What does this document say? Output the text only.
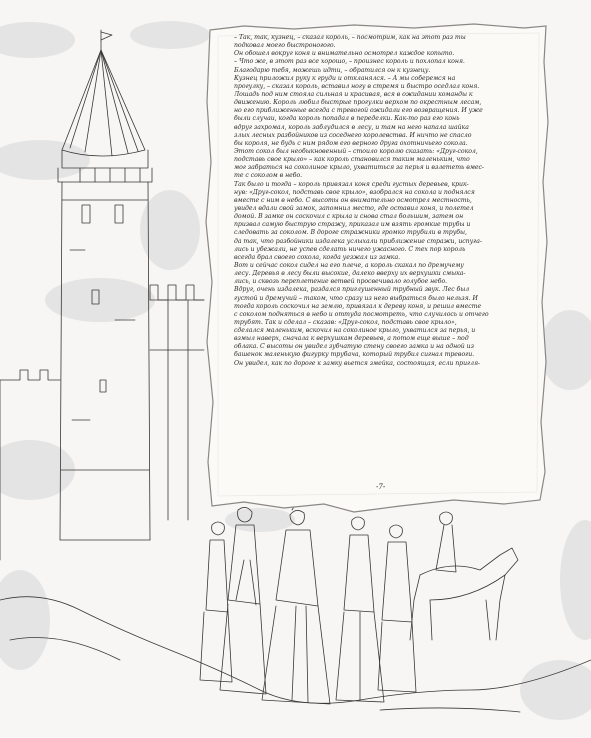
– Так, так, кузнец, – сказал король, – посмотрим, как на этот раз ты
подковал моего быстроногого.
Он обошел вокруг коня и внимательно осмотрел каждое копыто.
– Что же, в этот раз все хорошо, – произнес король и похлопал коня.
Благодарю тебя, можешь идти, – обратился он к кузнецу.
Кузнец приложил руку к груди и откланялся. – А мы соберемся на
прогулку, – сказал король, вставил ногу в стремя и быстро оседлал коня.
Лошадь под ним стояла сильная и красивая, вся в ожидании команды к
движению. Король любил быстрые прогулки верхом по окрестным лесам,
но его приближенные всегда с тревогой ожидали его возвращения. И уже
были случаи, когда король попадал в переделки. Как-то раз его конь
вдруг захромал, король заблудился в лесу, и там на него напала шайка
злых лесных разбойников из соседнего королевства. И ничто не спасло
бы короля, не будь с ним рядом его верного друга охотничьего сокола.
Этот сокол был необыкновенный – стоило королю сказать: «Друг-сокол,
подставь свое крыло» – как король становился таким маленьким, что
мог забраться на соколиное крыло, ухватиться за перья и взлететь вмес-
те с соколом в небо.
Так было и тогда – король привязал коня среди густых деревьев, крик-
нув: «Друг-сокол, подставь свое крыло», взобрался на сокола и поднялся
вместе с ним в небо. С высоты он внимательно осмотрел местность,
увидел вдали свой замок, запомнил место, где оставил коня, и полетел
домой. В замке он соскочил с крыла и снова стал большим, затем он
призвал самую быструю стражу, приказал им взять громкие трубы и
следовать за соколом. В дороге стражники громко трубили в трубы,
да так, что разбойники издалека услыхали приближение стражи, испуга-
лись и убежали, не успев сделать ничего ужасного. С тех пор король
всегда брал своего сокола, когда уезжал из замка.
Вот и сейчас сокол сидел на его плече, а король скакал по дремучему
лесу. Деревья в лесу были высокие, далеко вверху их верхушки смыка-
лись, и сквозь переплетение ветвей просвечивало голубое небо.
Вдруг, очень издалека, раздался приглушенный трубный звук. Лес был
густой и дремучий – таком, что сразу из него выбраться было нельзя. И
тогда король соскочил на землю, привязал к дереву коня, и решил вместе
с соколом подняться в небо и оттуда посмотреть, что случилось и отчего
трубят. Так и сделал – сказав: «Друг-сокол, подставь свое крыло»,
сделался маленьким, вскочил на соколиное крыло, ухватился за перья, и
взмыл наверх, сначала к верхушкам деревьев, а потом еще выше – под
облака. С высоты он увидел зубчатую стену своего замка и на одной из
башенок маленькую фигурку трубача, который трубил сигнал тревоги.
Он увидел, как по дороге к замку вьется змейка, состоящая, если пригля-
-7-
